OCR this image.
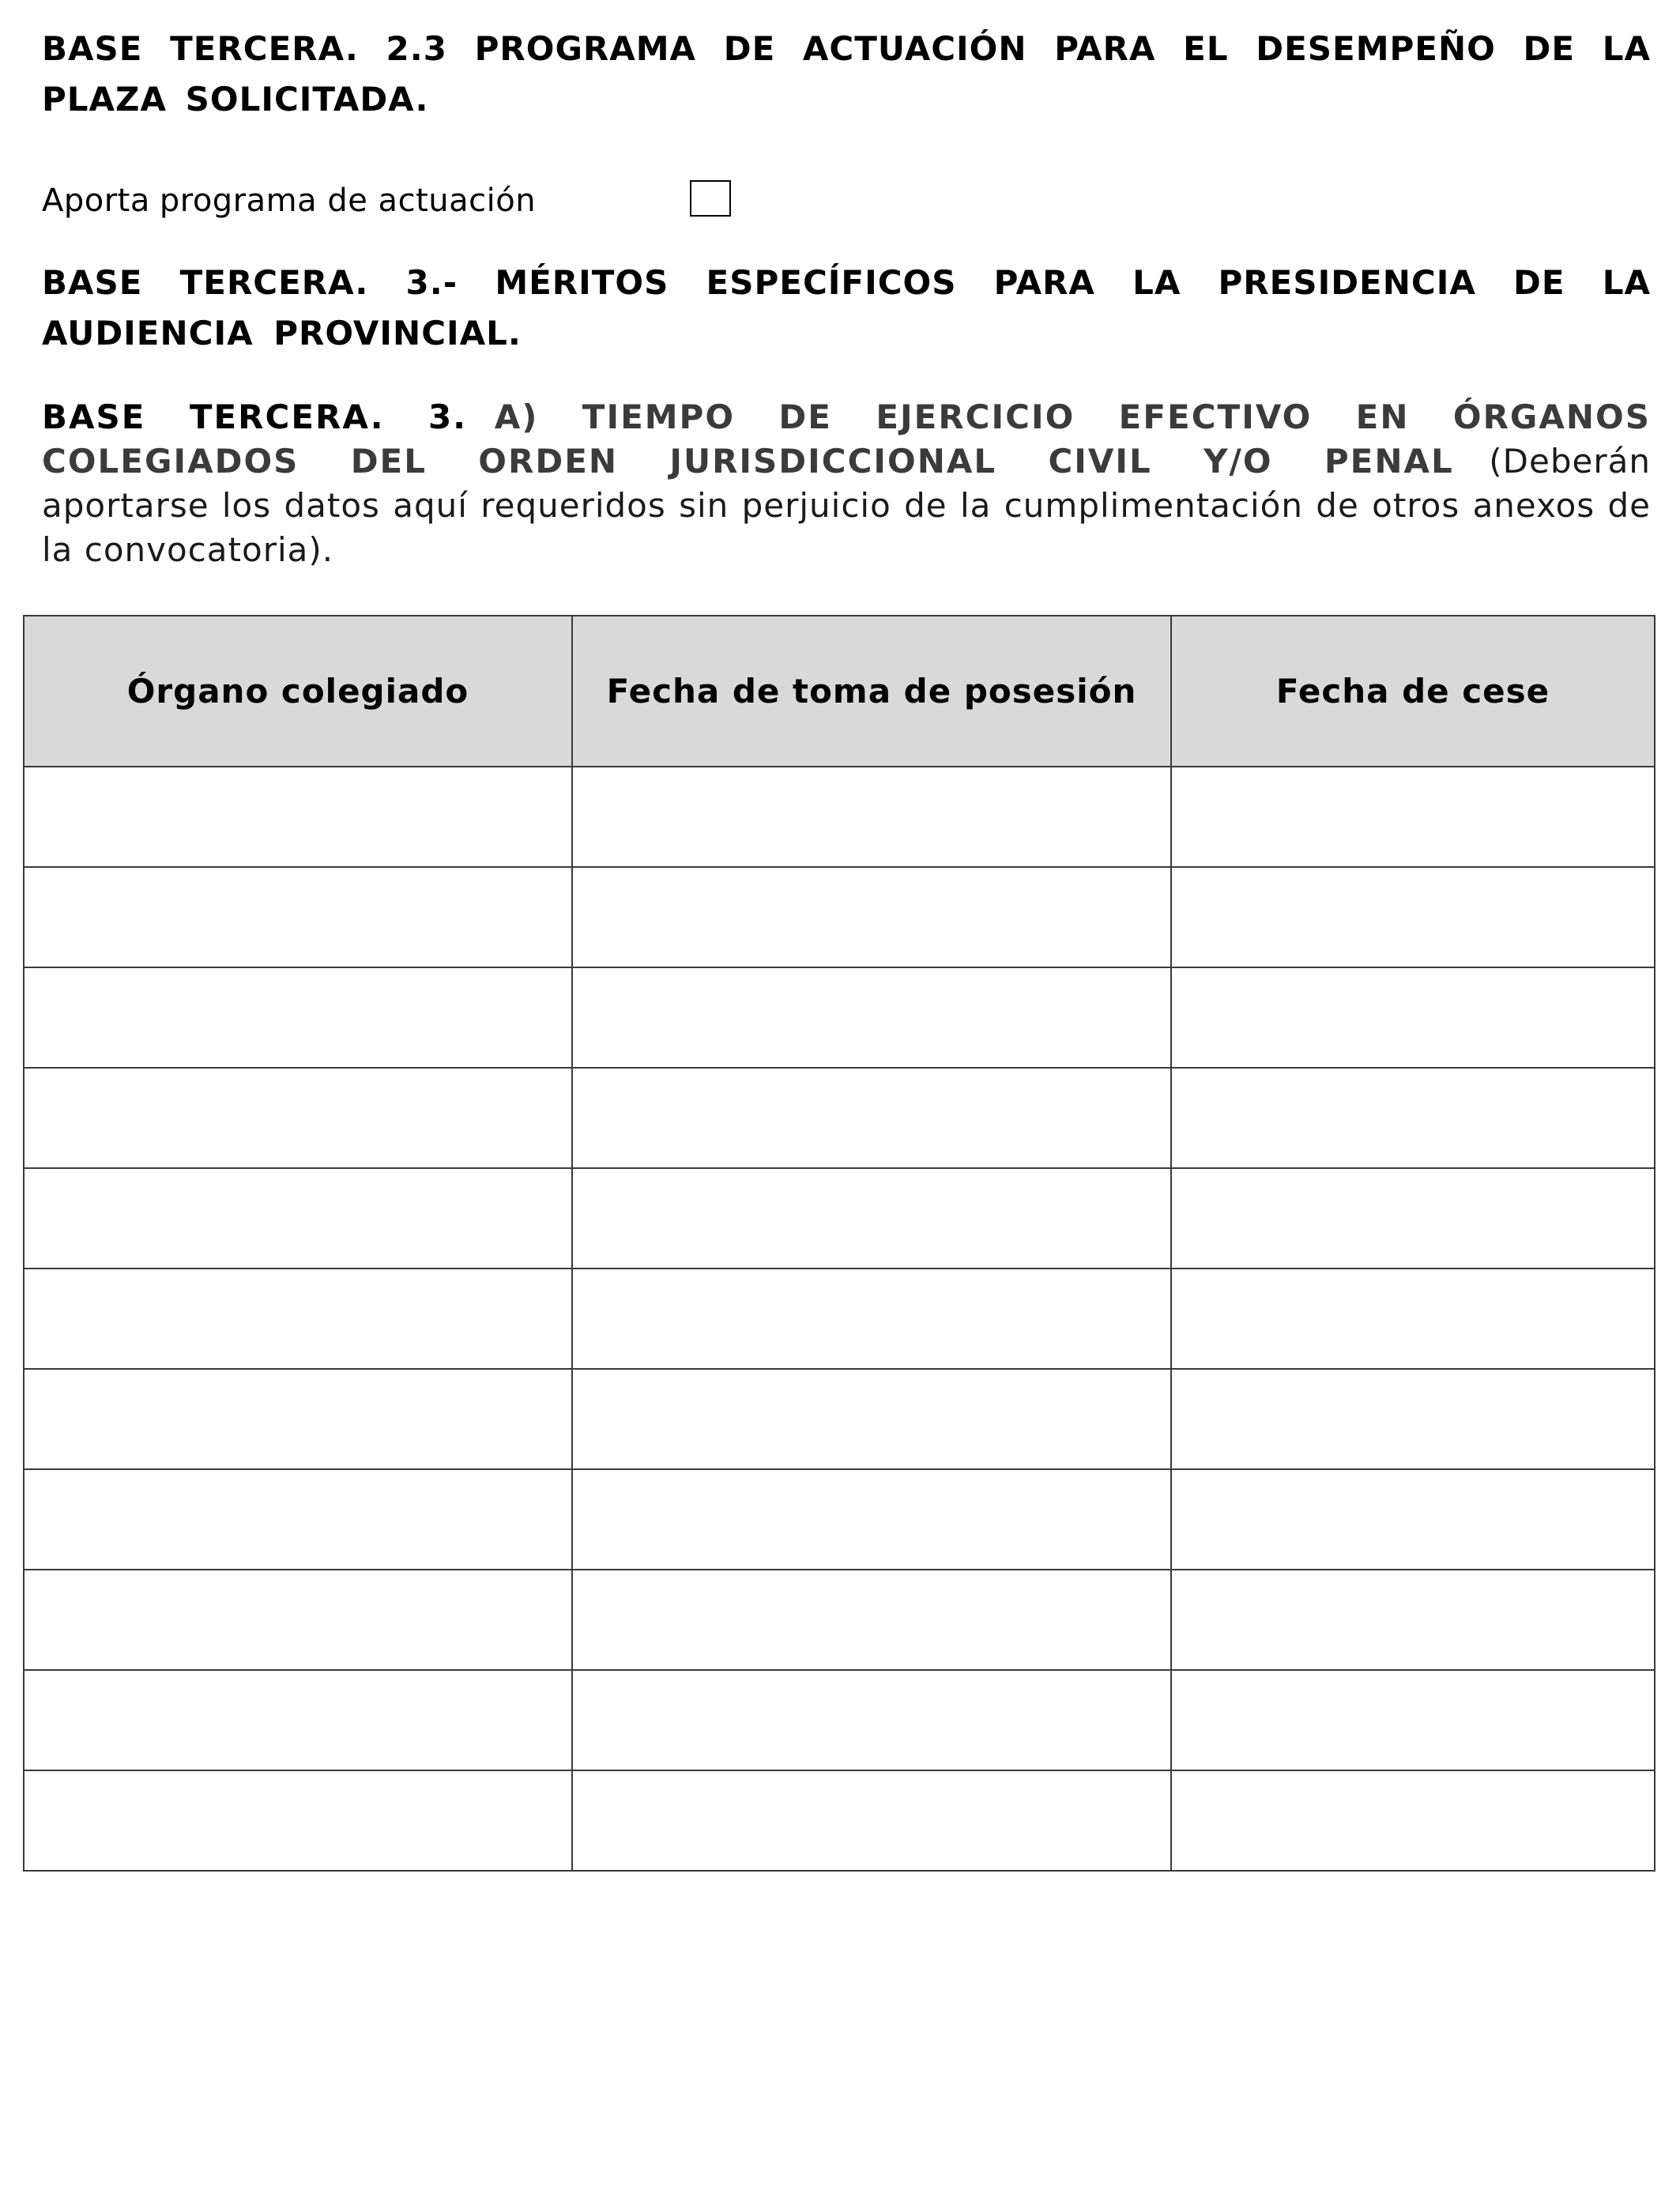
BASE TERCERA. 2.3 PROGRAMA DE ACTUACIÓN PARA EL DESEMPEÑO DE LA PLAZA SOLICITADA.

Aporta programa de actuación

BASE TERCERA. 3.- MÉRITOS ESPECÍFICOS PARA LA PRESIDENCIA DE LA AUDIENCIA PROVINCIAL.

BASE TERCERA. 3. A) TIEMPO DE EJERCICIO EFECTIVO EN ÓRGANOS COLEGIADOS DEL ORDEN JURISDICCIONAL CIVIL Y/O PENAL (Deberán aportarse los datos aquí requeridos sin perjuicio de la cumplimentación de otros anexos de la convocatoria).

Órgano colegiado	Fecha de toma de posesión	Fecha de cese
